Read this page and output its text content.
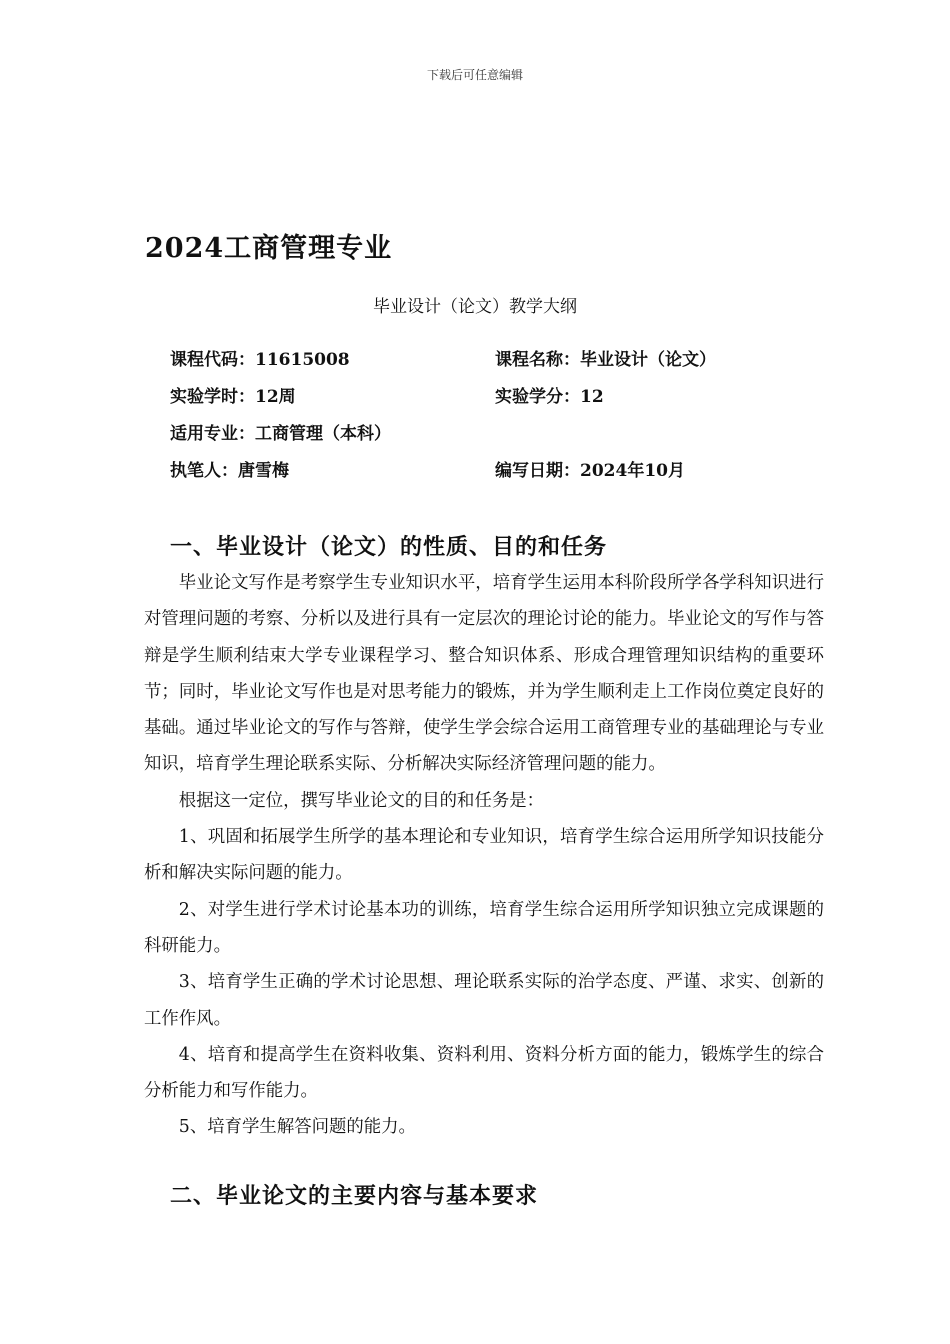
下载后可任意编辑
2024工商管理专业
毕业设计（论文）教学大纲
课程代码：11615008	课程名称：毕业设计（论文）
实验学时：12周	实验学分：12
适用专业：工商管理（本科）
执笔人：唐雪梅	编写日期：2024年10月
一、毕业设计（论文）的性质、目的和任务

毕业论文写作是考察学生专业知识水平，培育学生运用本科阶段所学各学科知识进行对管理问题的考察、分析以及进行具有一定层次的理论讨论的能力。毕业论文的写作与答辩是学生顺利结束大学专业课程学习、整合知识体系、形成合理管理知识结构的重要环节；同时，毕业论文写作也是对思考能力的锻炼，并为学生顺利走上工作岗位奠定良好的基础。通过毕业论文的写作与答辩，使学生学会综合运用工商管理专业的基础理论与专业知识，培育学生理论联系实际、分析解决实际经济管理问题的能力。

根据这一定位，撰写毕业论文的目的和任务是：

1、巩固和拓展学生所学的基本理论和专业知识，培育学生综合运用所学知识技能分析和解决实际问题的能力。

2、对学生进行学术讨论基本功的训练，培育学生综合运用所学知识独立完成课题的科研能力。

3、培育学生正确的学术讨论思想、理论联系实际的治学态度、严谨、求实、创新的工作作风。

4、培育和提高学生在资料收集、资料利用、资料分析方面的能力，锻炼学生的综合分析能力和写作能力。

5、培育学生解答问题的能力。

二、毕业论文的主要内容与基本要求
